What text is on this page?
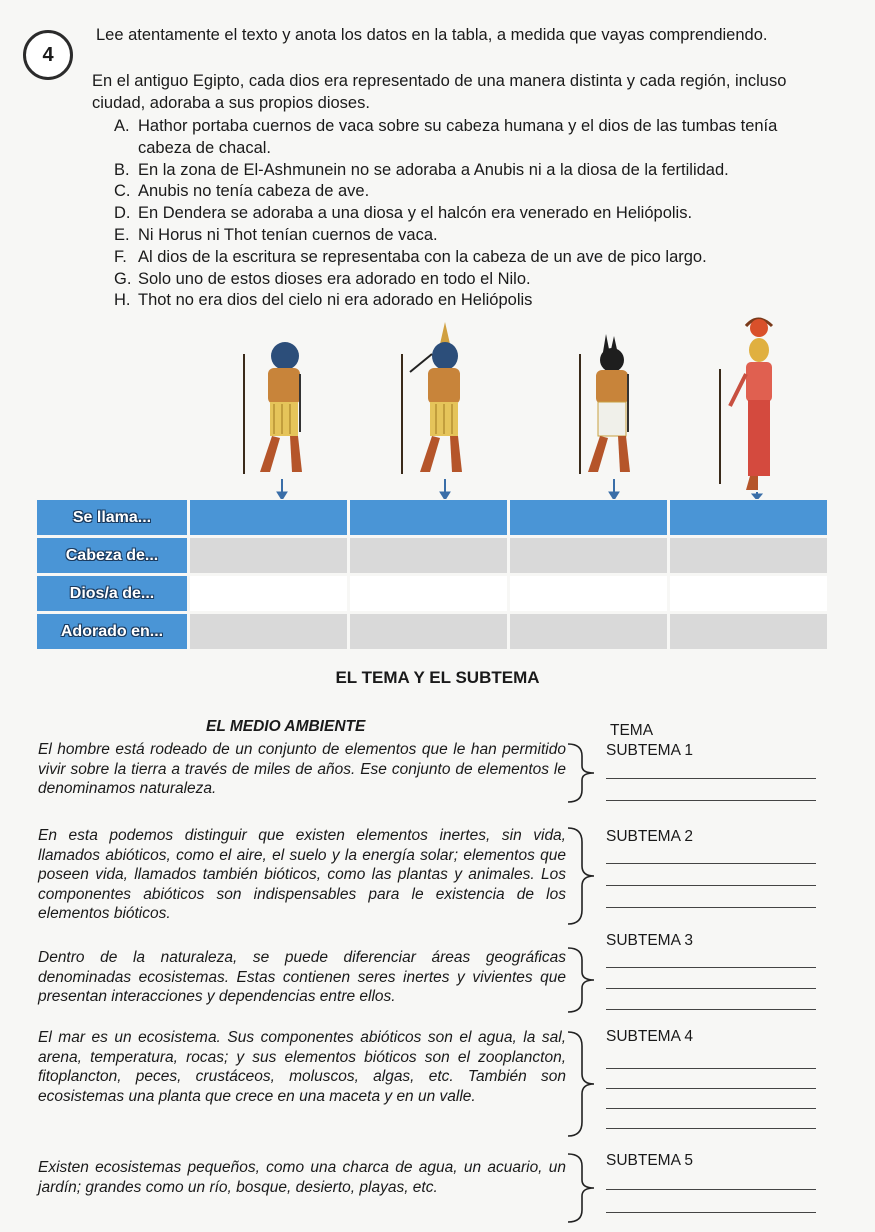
4
Lee atentamente el texto y anota los datos en la tabla, a medida que vayas comprendiendo.
En el antiguo Egipto, cada dios era representado de una manera distinta y cada región, incluso ciudad, adoraba a sus propios dioses.
A. Hathor portaba cuernos de vaca sobre su cabeza humana y el dios de las tumbas tenía cabeza de chacal.
B. En la zona de El-Ashmunein no se adoraba a Anubis ni a la diosa de la fertilidad.
C. Anubis no tenía cabeza de ave.
D. En Dendera se adoraba a una diosa y el halcón era venerado en Heliópolis.
E. Ni Horus ni Thot tenían cuernos de vaca.
F. Al dios de la escritura se representaba con la cabeza de un ave de pico largo.
G. Solo uno de estos dioses era adorado en todo el Nilo.
H. Thot no era dios del cielo ni era adorado en Heliópolis
Se llama...
Cabeza de...
Dios/a de...
Adorado en...
EL TEMA Y EL SUBTEMA
EL MEDIO AMBIENTE	TEMA
El hombre está rodeado de un conjunto de elementos que le han permitido vivir sobre la tierra a través de miles de años. Ese conjunto de elementos le denominamos naturaleza.
SUBTEMA 1
En esta podemos distinguir que existen elementos inertes, sin vida, llamados abióticos, como el aire, el suelo y la energía solar; elementos que poseen vida, llamados también bióticos, como las plantas y animales. Los componentes abióticos son indispensables para le existencia de los elementos bióticos.
SUBTEMA 2
Dentro de la naturaleza, se puede diferenciar áreas geográficas denominadas ecosistemas. Estas contienen seres inertes y vivientes que presentan interacciones y dependencias entre ellos.
SUBTEMA 3
El mar es un ecosistema. Sus componentes abióticos son el agua, la sal, arena, temperatura, rocas; y sus elementos bióticos son el zooplancton, fitoplancton, peces, crustáceos, moluscos, algas, etc. También son ecosistemas una planta que crece en una maceta y en un valle.
SUBTEMA 4
Existen ecosistemas pequeños, como una charca de agua, un acuario, un jardín; grandes como un río, bosque, desierto, playas, etc.
SUBTEMA 5
